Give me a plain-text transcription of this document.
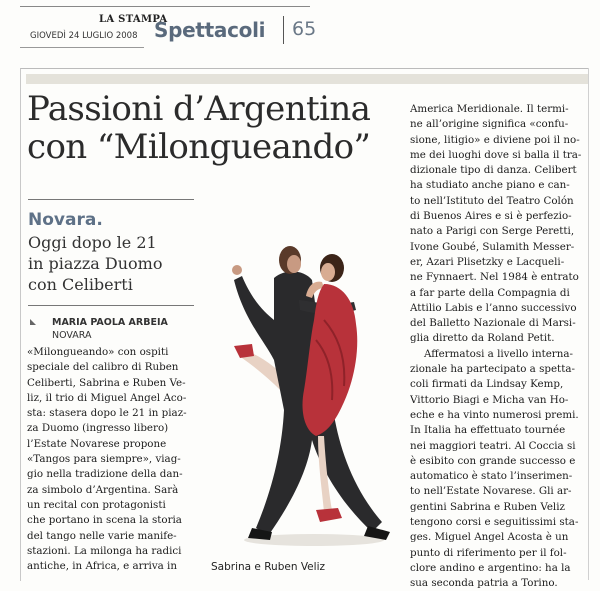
LA STAMPA
GIOVEDÌ 24 LUGLIO 2008 Spettacoli 65
Passioni d’Argentina
con “Milongueando”
Novara.
Oggi dopo le 21
in piazza Duomo
con Celiberti
MARIA PAOLA ARBEIA
NOVARA
«Milongueando» con ospiti
speciale del calibro di Ruben
Celiberti, Sabrina e Ruben Ve-
liz, il trio di Miguel Angel Aco-
sta: stasera dopo le 21 in piaz-
za Duomo (ingresso libero)
l’Estate Novarese propone
«Tangos para siempre», viag-
gio nella tradizione della dan-
za simbolo d’Argentina. Sarà
un recital con protagonisti
che portano in scena la storia
del tango nelle varie manife-
stazioni. La milonga ha radici
antiche, in Africa, e arriva in
America Meridionale. Il termi-
ne all’origine significa «confu-
sione, litigio» e diviene poi il no-
me dei luoghi dove si balla il tra-
dizionale tipo di danza. Celibert
ha studiato anche piano e can-
to nell’Istituto del Teatro Colón
di Buenos Aires e si è perfezio-
nato a Parigi con Serge Peretti,
Ivone Goubé, Sulamith Messer-
er, Azari Plisetzky e Lacqueli-
ne Fynnaert. Nel 1984 è entrato
a far parte della Compagnia di
Attilio Labis e l’anno successivo
del Balletto Nazionale di Marsi-
glia diretto da Roland Petit.
Affermatosi a livello interna-
zionale ha partecipato a spetta-
coli firmati da Lindsay Kemp,
Vittorio Biagi e Micha van Ho-
eche e ha vinto numerosi premi.
In Italia ha effettuato tournée
nei maggiori teatri. Al Coccia si
è esibito con grande successo e
automatico è stato l’inserimen-
to nell’Estate Novarese. Gli ar-
gentini Sabrina e Ruben Veliz
tengono corsi e seguitissimi sta-
ges. Miguel Angel Acosta è un
punto di riferimento per il fol-
clore andino e argentino: ha la
sua seconda patria a Torino.
Sabrina e Ruben Veliz
